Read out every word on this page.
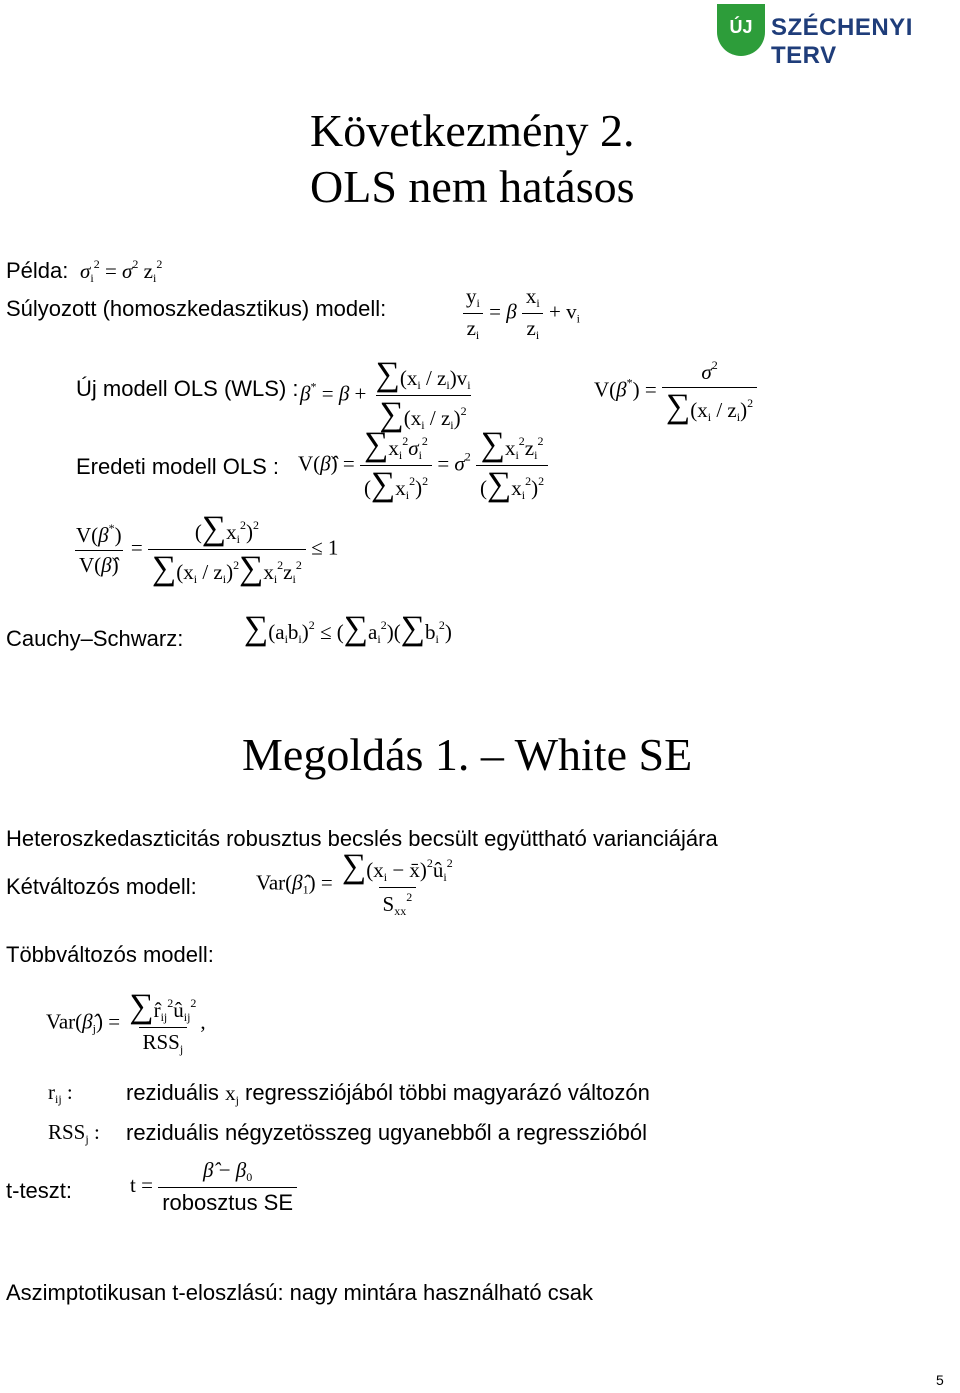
ÚJ SZÉCHENYI TERV
Következmény 2.
OLS nem hatásos
Példa: $\sigma_i^2 = \sigma^2$ $z_i^2$
Súlyozott (homoszkedasztikus) modell:	$\frac{y_i}{z_i} = \beta \frac{x_i}{z_i} + v_i$
Új modell OLS (WLS) : $\beta^* = \beta + \frac{\sum(x_i / z_i)v_i}{\sum(x_i / z_i)^2}$	$V(\beta^*) = \frac{\sigma^2}{\sum(x_i / z_i)^2}$
Eredeti modell OLS : V(β̂) = $\frac{\sum x_i^2\sigma_i^2}{(\sum x_i^2)^2} = \sigma^2 \frac{\sum x_i^2z_i^2}{(\sum x_i^2)^2}$
$\frac{V(\beta^*)}{V(\betâ)} = \frac{(\sum x_i^2)^2}{\sum(x_i / z_i)^2\sum x_i^2z_i^2} \le 1$
Cauchy–Schwarz: $\sum(a_ib_i)^2 \le (\sum a_i^2)(\sum b_i^2)$
Megoldás 1. – White SE
Heteroszkedaszticitás robusztus becslés becsült együttható varianciájára
Kétváltozós modell:	$Var(\betâ_1) = \frac{\sum(x_i - x̄)^2û_i^2}{S_{xx}^2}$
Többváltozós modell:
$Var(\betâ_j) = \frac{\sum r̂_{ij}^2û_{ij}^2}{RSS_j}$ ,
$r_{ij}$ : reziduális $x_j$ regressziójából többi magyarázó változón
$RSS_j$ : reziduális négyzetösszeg ugyanebből a regresszióból
t-teszt:	$t = \frac{\betâ - \beta_0}{\text{robosztus SE}}$
Aszimptotikusan t-eloszlású: nagy mintára használható csak
5
